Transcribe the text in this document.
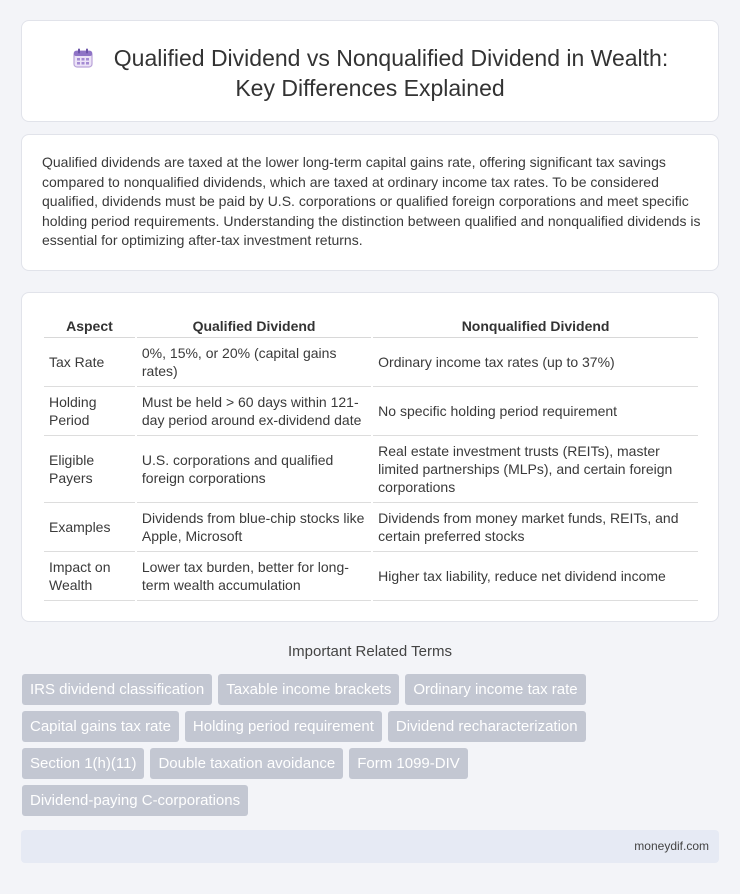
Qualified Dividend vs Nonqualified Dividend in Wealth:
Key Differences Explained

Qualified dividends are taxed at the lower long-term capital gains rate, offering significant tax savings compared to nonqualified dividends, which are taxed at ordinary income tax rates. To be considered qualified, dividends must be paid by U.S. corporations or qualified foreign corporations and meet specific holding period requirements. Understanding the distinction between qualified and nonqualified dividends is essential for optimizing after-tax investment returns.

Aspect	Qualified Dividend	Nonqualified Dividend
Tax Rate	0%, 15%, or 20% (capital gains rates)	Ordinary income tax rates (up to 37%)
Holding Period	Must be held > 60 days within 121-day period around ex-dividend date	No specific holding period requirement
Eligible Payers	U.S. corporations and qualified foreign corporations	Real estate investment trusts (REITs), master limited partnerships (MLPs), and certain foreign corporations
Examples	Dividends from blue-chip stocks like Apple, Microsoft	Dividends from money market funds, REITs, and certain preferred stocks
Impact on Wealth	Lower tax burden, better for long-term wealth accumulation	Higher tax liability, reduce net dividend income
Important Related Terms
IRS dividend classification	Taxable income brackets	Ordinary income tax rate
Capital gains tax rate	Holding period requirement	Dividend recharacterization
Section 1(h)(11)	Double taxation avoidance	Form 1099-DIV
Dividend-paying C-corporations
moneydif.com
